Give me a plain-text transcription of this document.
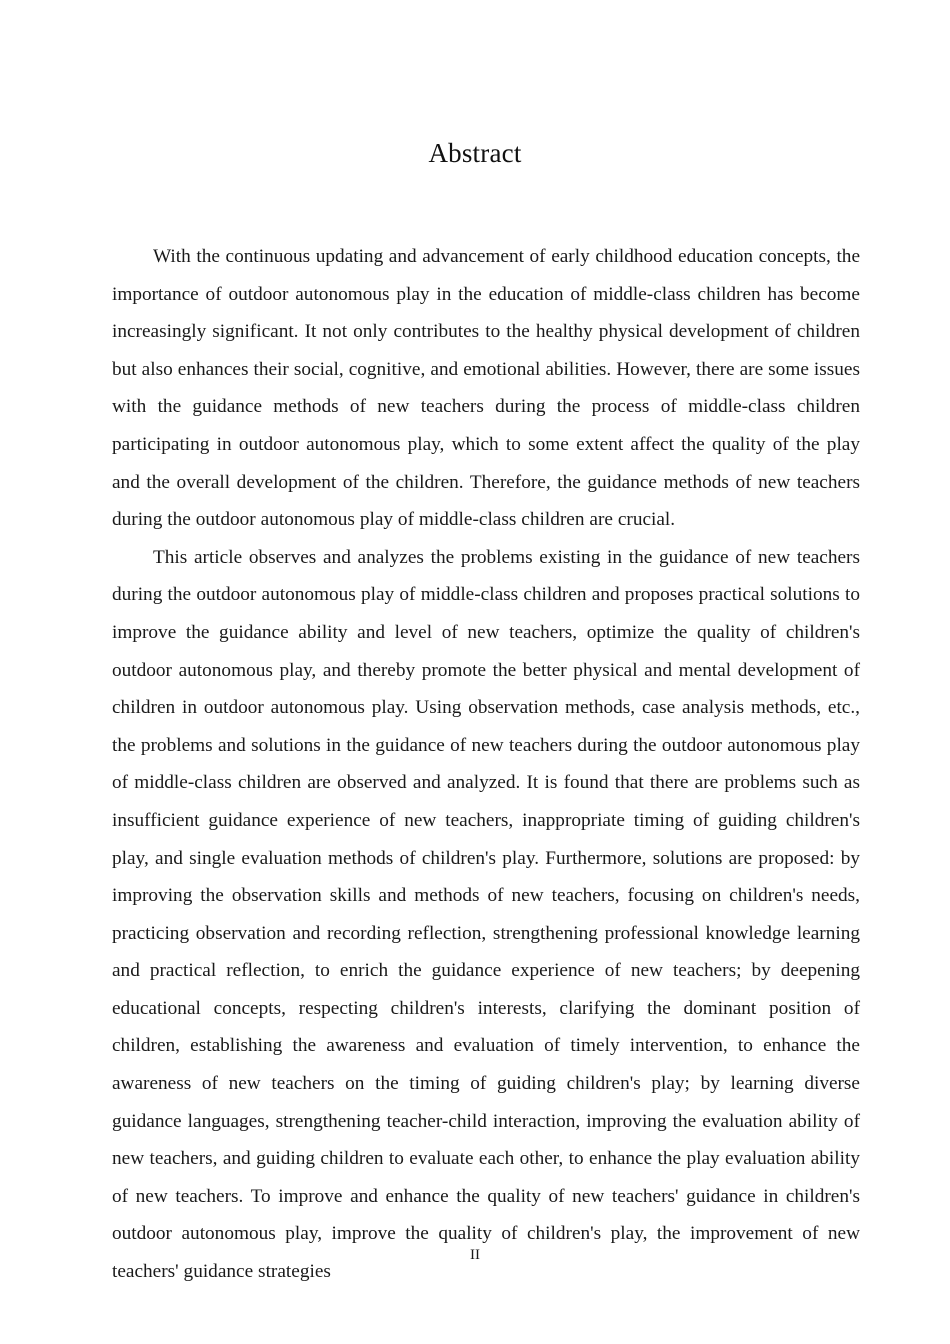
Abstract

With the continuous updating and advancement of early childhood education concepts, the importance of outdoor autonomous play in the education of middle-class children has become increasingly significant. It not only contributes to the healthy physical development of children but also enhances their social, cognitive, and emotional abilities. However, there are some issues with the guidance methods of new teachers during the process of middle-class children participating in outdoor autonomous play, which to some extent affect the quality of the play and the overall development of the children. Therefore, the guidance methods of new teachers during the outdoor autonomous play of middle-class children are crucial.

This article observes and analyzes the problems existing in the guidance of new teachers during the outdoor autonomous play of middle-class children and proposes practical solutions to improve the guidance ability and level of new teachers, optimize the quality of children's outdoor autonomous play, and thereby promote the better physical and mental development of children in outdoor autonomous play. Using observation methods, case analysis methods, etc., the problems and solutions in the guidance of new teachers during the outdoor autonomous play of middle-class children are observed and analyzed. It is found that there are problems such as insufficient guidance experience of new teachers, inappropriate timing of guiding children's play, and single evaluation methods of children's play. Furthermore, solutions are proposed: by improving the observation skills and methods of new teachers, focusing on children's needs, practicing observation and recording reflection, strengthening professional knowledge learning and practical reflection, to enrich the guidance experience of new teachers; by deepening educational concepts, respecting children's interests, clarifying the dominant position of children, establishing the awareness and evaluation of timely intervention, to enhance the awareness of new teachers on the timing of guiding children's play; by learning diverse guidance languages, strengthening teacher-child interaction, improving the evaluation ability of new teachers, and guiding children to evaluate each other, to enhance the play evaluation ability of new teachers. To improve and enhance the quality of new teachers' guidance in children's outdoor autonomous play, improve the quality of children's play, the improvement of new teachers' guidance strategies

II
